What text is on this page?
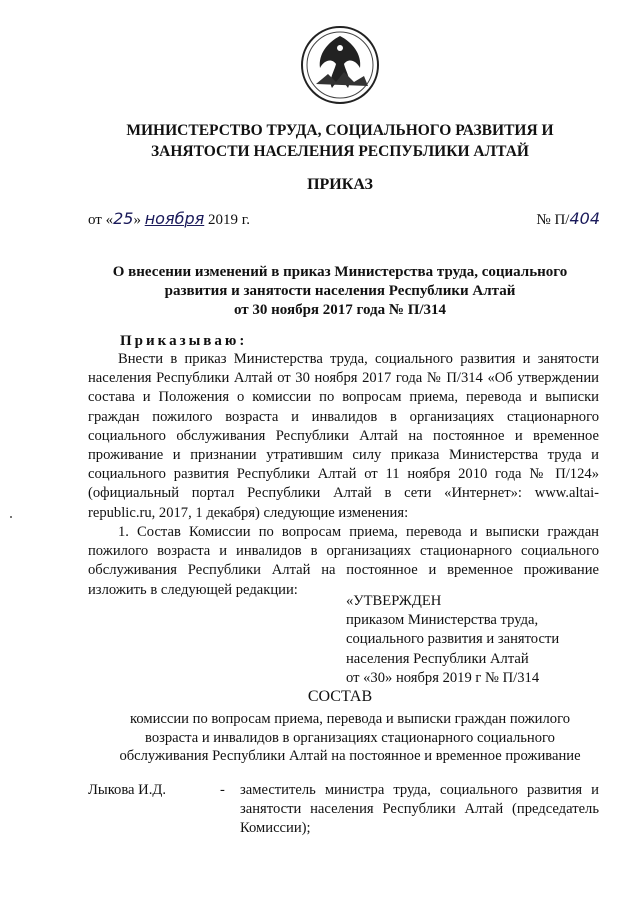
МИНИСТЕРСТВО ТРУДА, СОЦИАЛЬНОГО РАЗВИТИЯ И
ЗАНЯТОСТИ НАСЕЛЕНИЯ РЕСПУБЛИКИ АЛТАЙ
ПРИКАЗ
от «25» ноября 2019 г.	№ П/404
О внесении изменений в приказ Министерства труда, социального
развития и занятости населения Республики Алтай
от 30 ноября 2017 года № П/314
Приказываю:

Внести в приказ Министерства труда, социального развития и занятости населения Республики Алтай от 30 ноября 2017 года № П/314 «Об утверждении состава и Положения о комиссии по вопросам приема, перевода и выписки граждан пожилого возраста и инвалидов в организациях стационарного социального обслуживания Республики Алтай на постоянное и временное проживание и признании утратившим силу приказа Министерства труда и социального развития Республики Алтай от 11 ноября 2010 года № П/124» (официальный портал Республики Алтай в сети «Интернет»: www.altai-republic.ru, 2017, 1 декабря) следующие изменения:

1. Состав Комиссии по вопросам приема, перевода и выписки граждан пожилого возраста и инвалидов в организациях стационарного социального обслуживания Республики Алтай на постоянное и временное проживание изложить в следующей редакции:

«УТВЕРЖДЕН
приказом Министерства труда,
социального развития и занятости
населения Республики Алтай
от «30» ноября 2019 г № П/314
СОСТАВ
комиссии по вопросам приема, перевода и выписки граждан пожилого
возраста и инвалидов в организациях стационарного социального
обслуживания Республики Алтай на постоянное и временное проживание
Лыкова И.Д.	- заместитель министра труда, социального развития и занятости населения Республики Алтай (председатель Комиссии);
